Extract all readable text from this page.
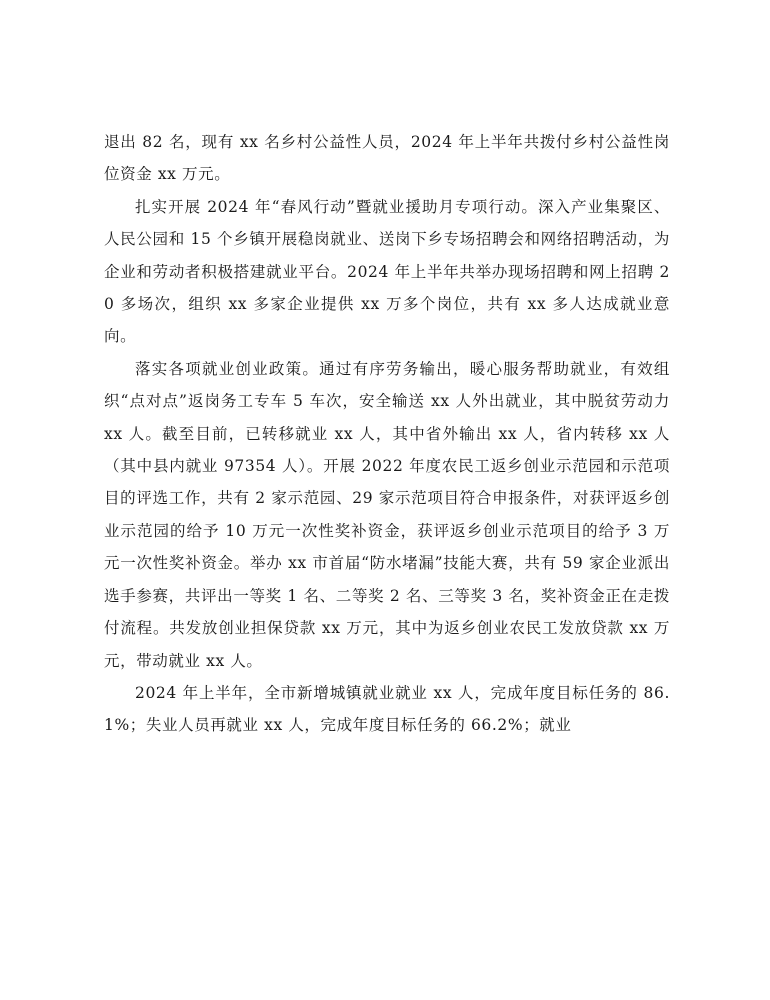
退出 82 名，现有 xx 名乡村公益性人员，2024 年上半年共拨付乡村公益性岗位资金 xx 万元。

扎实开展 2024 年“春风行动”暨就业援助月专项行动。深入产业集聚区、人民公园和 15 个乡镇开展稳岗就业、送岗下乡专场招聘会和网络招聘活动，为企业和劳动者积极搭建就业平台。2024 年上半年共举办现场招聘和网上招聘 20 多场次，组织 xx 多家企业提供 xx 万多个岗位，共有 xx 多人达成就业意向。

落实各项就业创业政策。通过有序劳务输出，暖心服务帮助就业，有效组织“点对点”返岗务工专车 5 车次，安全输送 xx 人外出就业，其中脱贫劳动力 xx 人。截至目前，已转移就业 xx 人，其中省外输出 xx 人，省内转移 xx 人（其中县内就业 97354 人）。开展 2022 年度农民工返乡创业示范园和示范项目的评选工作，共有 2 家示范园、29 家示范项目符合申报条件，对获评返乡创业示范园的给予 10 万元一次性奖补资金，获评返乡创业示范项目的给予 3 万元一次性奖补资金。举办 xx 市首届“防水堵漏”技能大赛，共有 59 家企业派出选手参赛，共评出一等奖 1 名、二等奖 2 名、三等奖 3 名，奖补资金正在走拨付流程。共发放创业担保贷款 xx 万元，其中为返乡创业农民工发放贷款 xx 万元，带动就业 xx 人。

2024 年上半年，全市新增城镇就业就业 xx 人，完成年度目标任务的 86.1%；失业人员再就业 xx 人，完成年度目标任务的 66.2%；就业
